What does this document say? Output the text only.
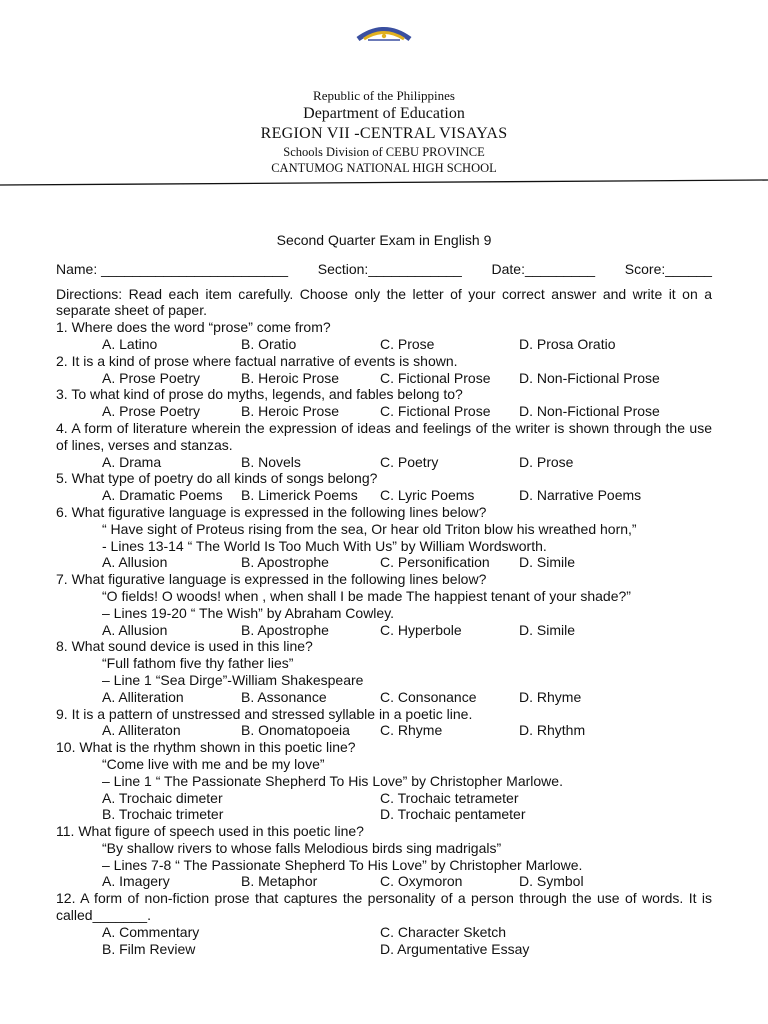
Republic of the Philippines
Department of Education
REGION VII -CENTRAL VISAYAS
Schools Division of CEBU PROVINCE
CANTUMOG NATIONAL HIGH SCHOOL
Second Quarter Exam in English 9
Name: ________________________ Section:____________ Date:_________ Score:______
Directions: Read each item carefully. Choose only the letter of your correct answer and write it on a separate sheet of paper.
1. Where does the word “prose” come from?
A. Latino	B. Oratio	C. Prose	D. Prosa Oratio
2. It is a kind of prose where factual narrative of events is shown.
A. Prose Poetry	B. Heroic Prose	C. Fictional Prose	D. Non-Fictional Prose
3. To what kind of prose do myths, legends, and fables belong to?
A. Prose Poetry	B. Heroic Prose	C. Fictional Prose	D. Non-Fictional Prose
4. A form of literature wherein the expression of ideas and feelings of the writer is shown through the use of lines, verses and stanzas.
A. Drama	B. Novels	C. Poetry	D. Prose
5. What type of poetry do all kinds of songs belong?
A. Dramatic Poems	B. Limerick Poems	C. Lyric Poems	D. Narrative Poems
6. What figurative language is expressed in the following lines below?
“ Have sight of Proteus rising from the sea, Or hear old Triton blow his wreathed horn,”
- Lines 13-14 “ The World Is Too Much With Us” by William Wordsworth.
A. Allusion	B. Apostrophe	C. Personification	D. Simile
7. What figurative language is expressed in the following lines below?
“O fields! O woods! when , when shall I be made The happiest tenant of your shade?”
– Lines 19-20 “ The Wish” by Abraham Cowley.
A. Allusion	B. Apostrophe	C. Hyperbole	D. Simile
8. What sound device is used in this line?
“Full fathom five thy father lies”
– Line 1 “Sea Dirge”-William Shakespeare
A. Alliteration	B. Assonance	C. Consonance	D. Rhyme
9. It is a pattern of unstressed and stressed syllable in a poetic line.
A. Alliteraton	B. Onomatopoeia	C. Rhyme	D. Rhythm
10. What is the rhythm shown in this poetic line?
“Come live with me and be my love”
– Line 1 “ The Passionate Shepherd To His Love” by Christopher Marlowe.
A. Trochaic dimeter	C. Trochaic tetrameter
B. Trochaic trimeter	D. Trochaic pentameter
11. What figure of speech used in this poetic line?
“By shallow rivers to whose falls Melodious birds sing madrigals”
– Lines 7-8 “ The Passionate Shepherd To His Love” by Christopher Marlowe.
A. Imagery	B. Metaphor	C. Oxymoron	D. Symbol
12. A form of non-fiction prose that captures the personality of a person through the use of words. It is called_______.
A. Commentary	C. Character Sketch
B. Film Review	D. Argumentative Essay
